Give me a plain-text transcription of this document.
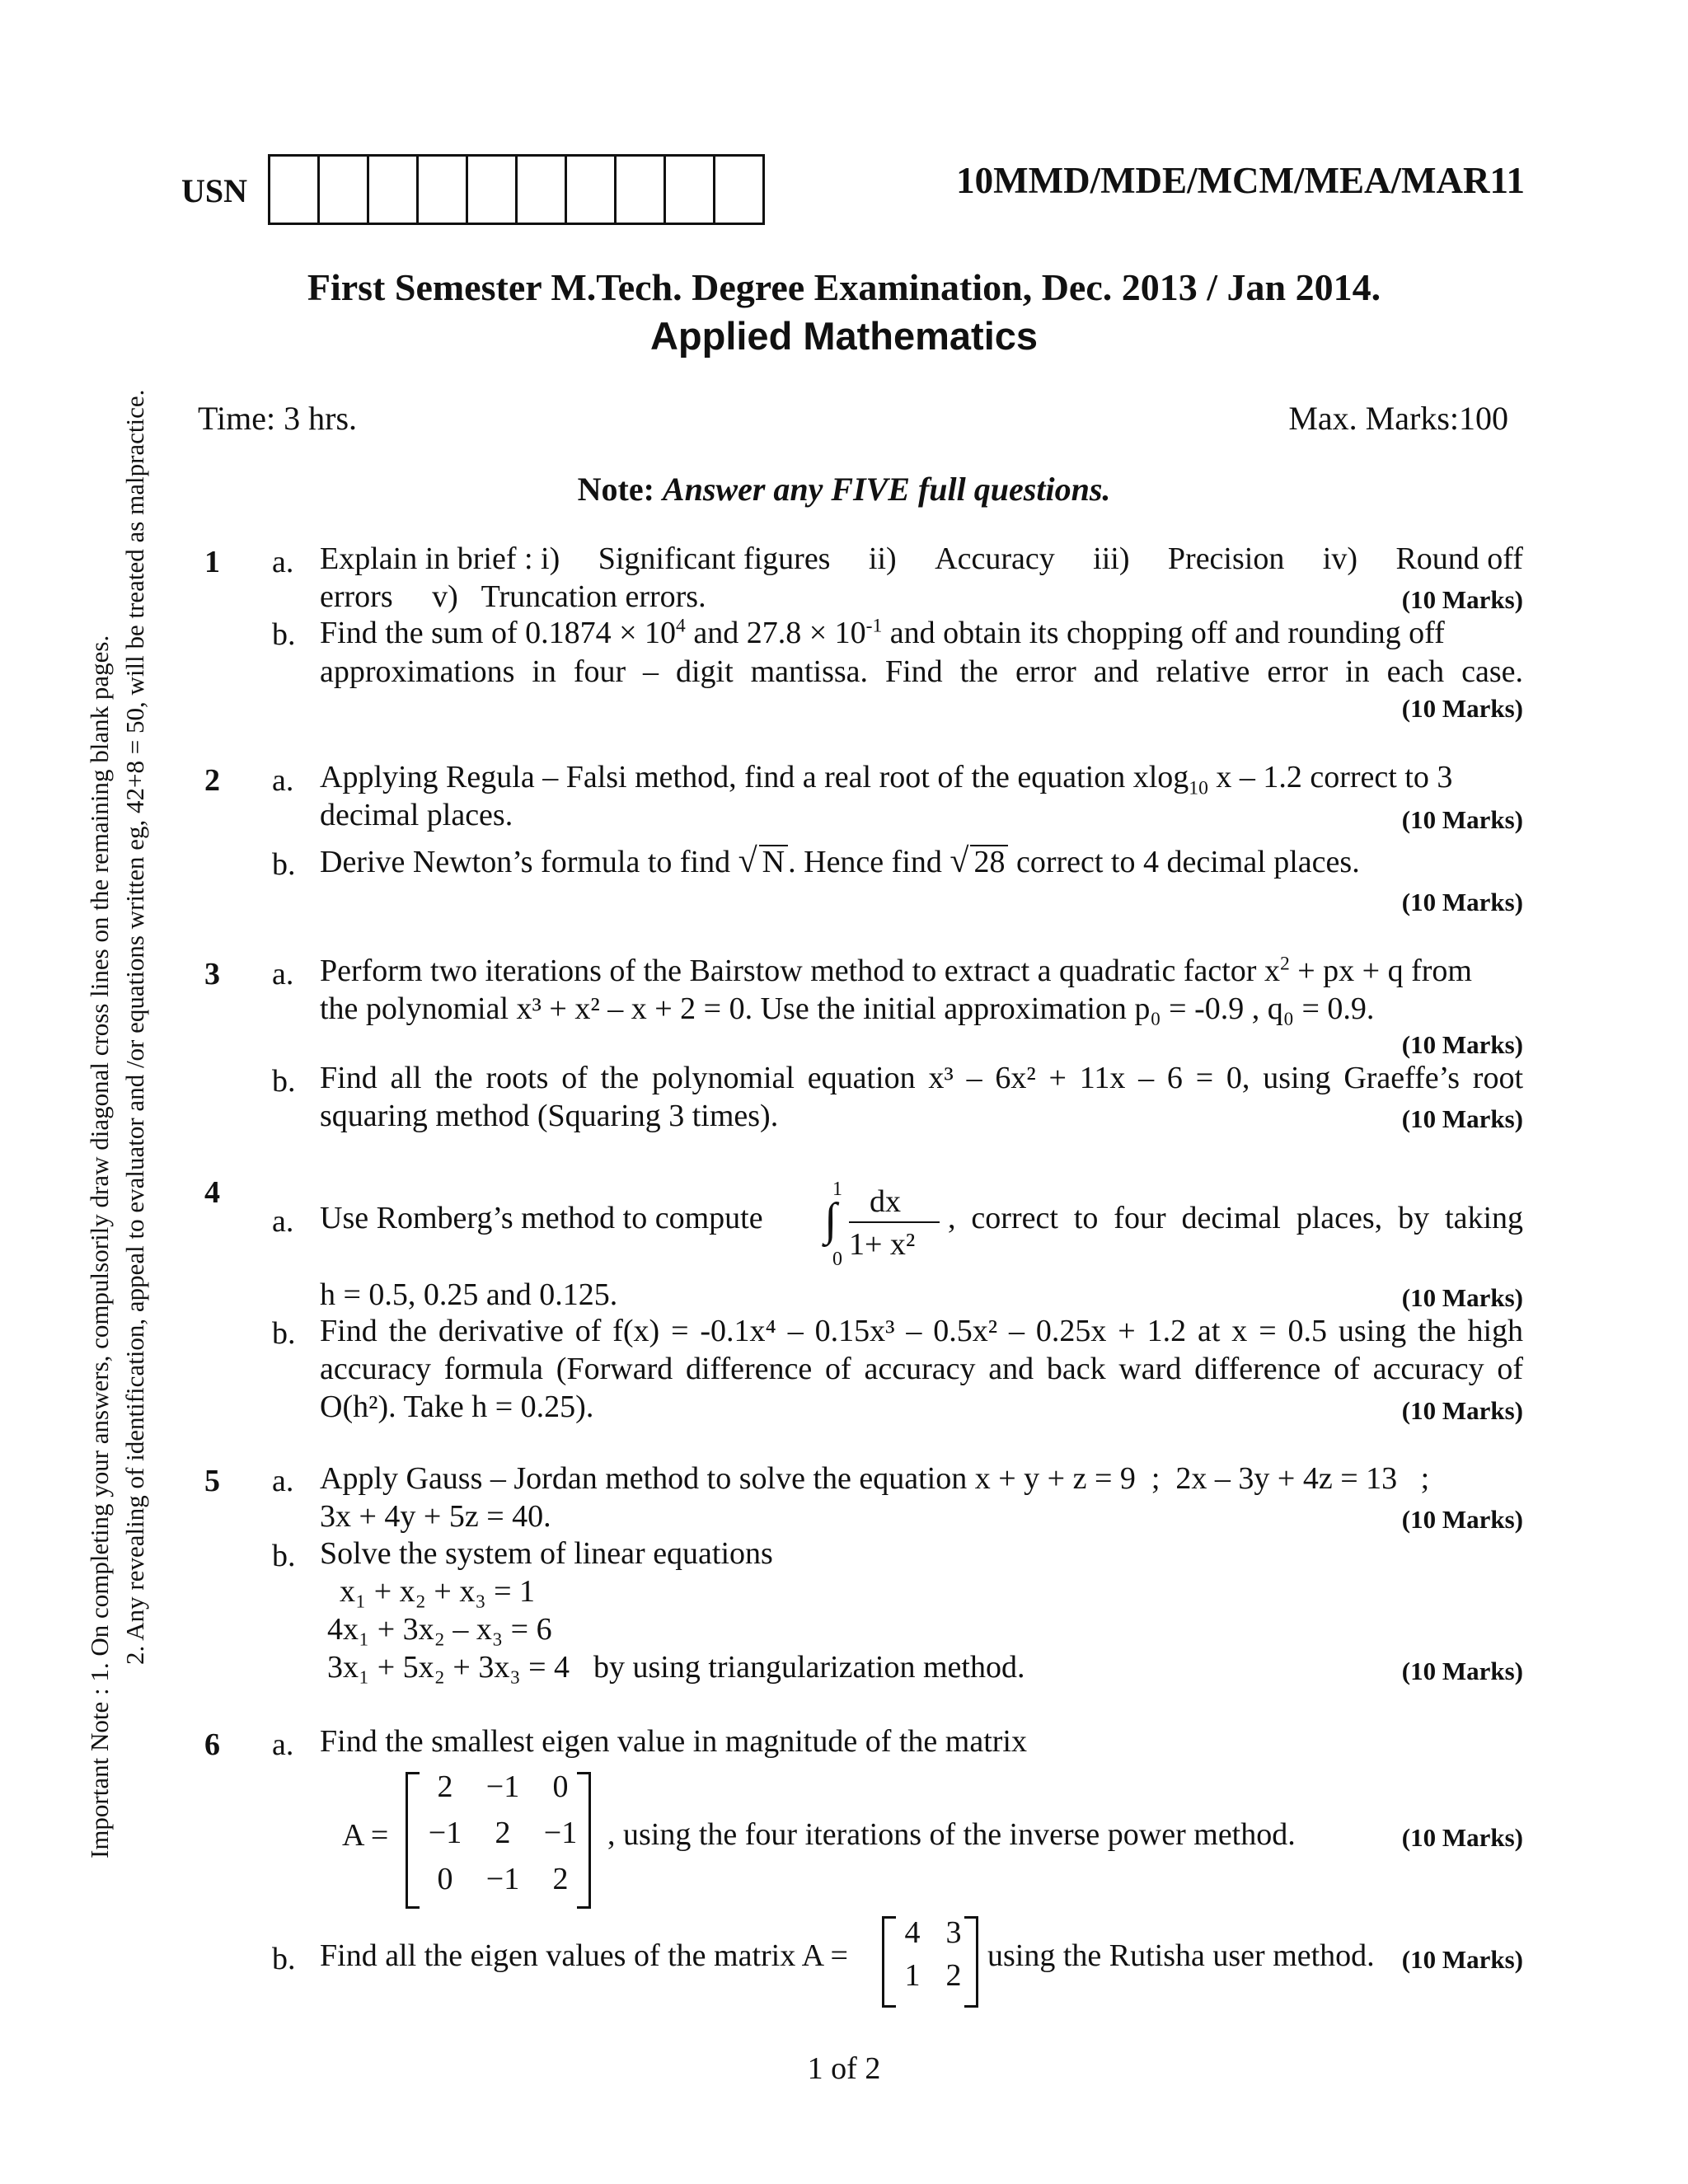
Important Note : 1. On completing your answers, compulsorily draw diagonal cross lines on the remaining blank pages. 2. Any revealing of identification, appeal to evaluator and /or equations written eg, 42+8 = 50, will be treated as malpractice.
USN	10MMD/MDE/MCM/MEA/MAR11
First Semester M.Tech. Degree Examination, Dec. 2013 / Jan 2014.
Applied Mathematics
Time: 3 hrs.	Max. Marks:100
Note: Answer any FIVE full questions.
1 a. Explain in brief : i) Significant figures ii) Accuracy iii) Precision iv) Round off
errors     v)   Truncation errors.	(10 Marks)
b. Find the sum of $0.1874 \times 10^4$ and $27.8 \times 10^{-1}$ and obtain its chopping off and rounding off
approximations in four – digit mantissa. Find the error and relative error in each case.
(10 Marks)
2 a. Applying Regula – Falsi method, find a real root of the equation xlog$_{10}$ x – 1.2 correct to 3
decimal places.	(10 Marks)
b. Derive Newton’s formula to find √ N . Hence find √ 28 correct to 4 decimal places.
(10 Marks)
3 a. Perform two iterations of the Bairstow method to extract a quadratic factor $x^2$ + px + q from
the polynomial x³ + x² – x + 2 = 0. Use the initial approximation p₀ = -0.9 , q₀ = 0.9.
(10 Marks)
b. Find all the roots of the polynomial equation x³ – 6x² + 11x – 6 = 0, using Graeffe’s root
squaring method (Squaring 3 times).	(10 Marks)
4
a. Use Romberg’s method to compute
1
∫
0
dx
1+ x²
, correct to four decimal places, by taking
h = 0.5, 0.25 and 0.125.	(10 Marks)
b. Find the derivative of f(x) = -0.1x⁴ – 0.15x³ – 0.5x² – 0.25x + 1.2 at x = 0.5 using the high
accuracy formula (Forward difference of accuracy and back ward difference of accuracy of
O(h²). Take h = 0.25).	(10 Marks)
5 a. Apply Gauss – Jordan method to solve the equation x + y + z = 9  ;  2x – 3y + 4z = 13   ;
3x + 4y + 5z = 40.	(10 Marks)
b. Solve the system of linear equations
x₁ + x₂ + x₃ = 1
4x₁ + 3x₂ – x₃ = 6
3x₁ + 5x₂ + 3x₃ = 4 by using triangularization method.	(10 Marks)
6 a. Find the smallest eigen value in magnitude of the matrix
A =
2	−1	0
−1	2	−1
0	−1	2
, using the four iterations of the inverse power method.	(10 Marks)
b. Find all the eigen values of the matrix A =
4 3
1 2
using the Rutisha user method.	(10 Marks)
1 of 2
